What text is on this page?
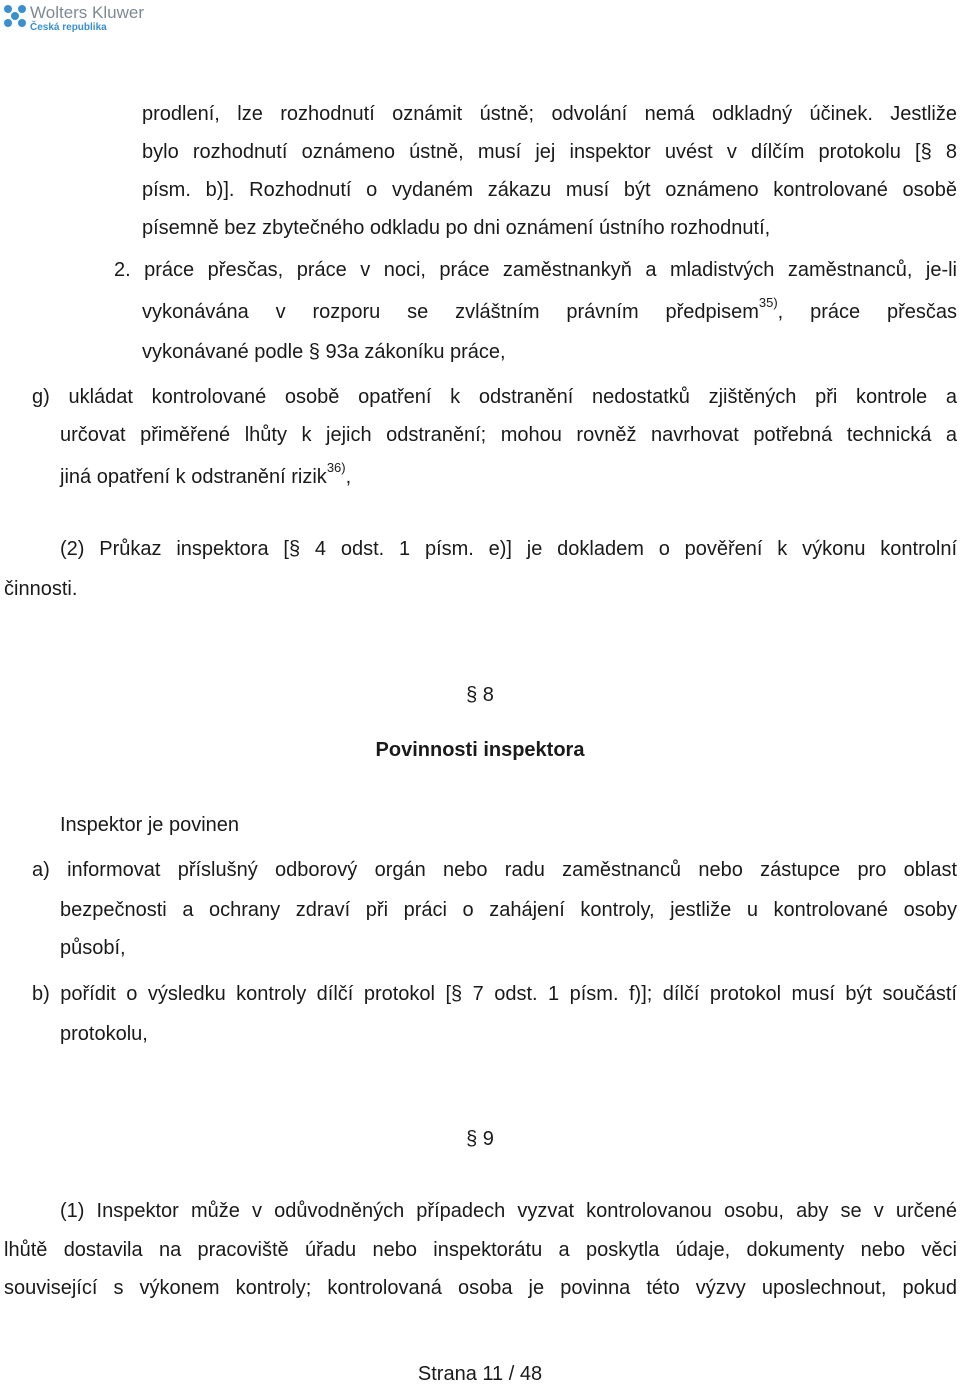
Wolters Kluwer
Česká republika
prodlení, lze rozhodnutí oznámit ústně; odvolání nemá odkladný účinek. Jestliže
bylo rozhodnutí oznámeno ústně, musí jej inspektor uvést v dílčím protokolu [§ 8
písm. b)]. Rozhodnutí o vydaném zákazu musí být oznámeno kontrolované osobě
písemně bez zbytečného odkladu po dni oznámení ústního rozhodnutí,
2. práce přesčas, práce v noci, práce zaměstnankyň a mladistvých zaměstnanců, je-li
vykonávána v rozporu se zvláštním právním předpisem$^{35)}$, práce přesčas
vykonávané podle § 93a zákoníku práce,
g) ukládat kontrolované osobě opatření k odstranění nedostatků zjištěných při kontrole a
určovat přiměřené lhůty k jejich odstranění; mohou rovněž navrhovat potřebná technická a
jiná opatření k odstranění rizik$^{36)}$,
(2) Průkaz inspektora [§ 4 odst. 1 písm. e)] je dokladem o pověření k výkonu kontrolní
činnosti.
§ 8
Povinnosti inspektora
Inspektor je povinen
a) informovat příslušný odborový orgán nebo radu zaměstnanců nebo zástupce pro oblast
bezpečnosti a ochrany zdraví při práci o zahájení kontroly, jestliže u kontrolované osoby
působí,
b) pořídit o výsledku kontroly dílčí protokol [§ 7 odst. 1 písm. f)]; dílčí protokol musí být součástí
protokolu,
§ 9
(1) Inspektor může v odůvodněných případech vyzvat kontrolovanou osobu, aby se v určené
lhůtě dostavila na pracoviště úřadu nebo inspektorátu a poskytla údaje, dokumenty nebo věci
související s výkonem kontroly; kontrolovaná osoba je povinna této výzvy uposlechnout, pokud
Strana 11 / 48
